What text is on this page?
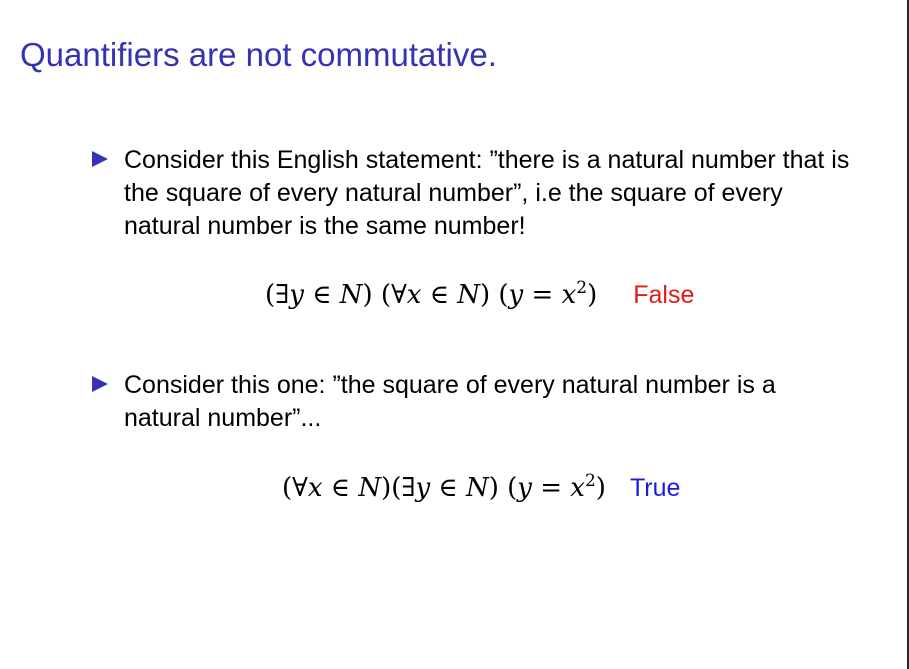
Quantifiers are not commutative.
Consider this English statement: ”there is a natural number that is the square of every natural number”, i.e the square of every natural number is the same number!
(∃y ∈ N) (∀x ∈ N) $(y = x^2)$ False
Consider this one: ”the square of every natural number is a natural number”...
(∀x ∈ N)(∃y ∈ N) $(y = x^2)$ True
